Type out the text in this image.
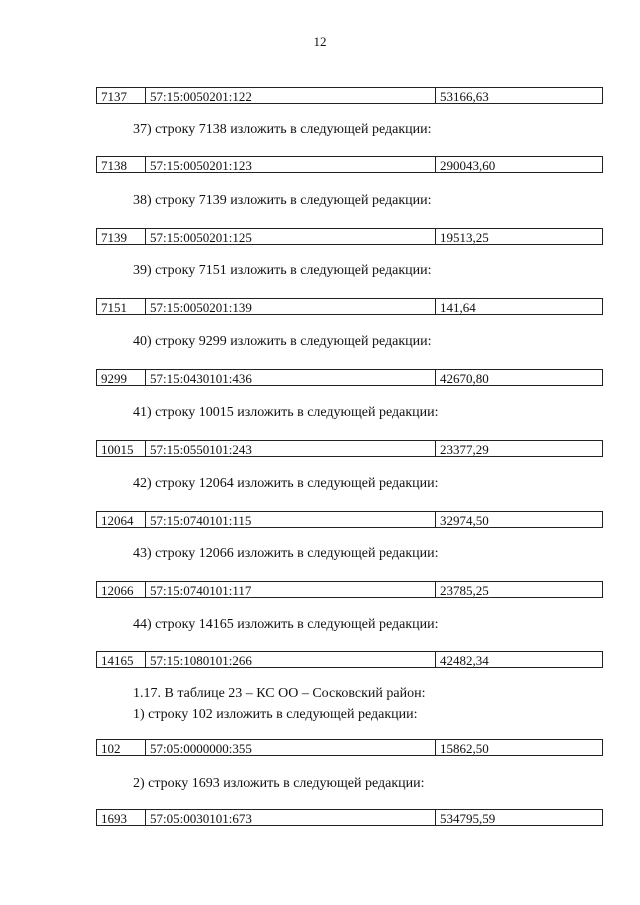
12
7137	57:15:0050201:122	53166,63
37) строку 7138 изложить в следующей редакции:
7138	57:15:0050201:123	290043,60
38) строку 7139 изложить в следующей редакции:
7139	57:15:0050201:125	19513,25
39) строку 7151 изложить в следующей редакции:
7151	57:15:0050201:139	141,64
40) строку 9299 изложить в следующей редакции:
9299	57:15:0430101:436	42670,80
41) строку 10015 изложить в следующей редакции:
10015	57:15:0550101:243	23377,29
42) строку 12064 изложить в следующей редакции:
12064	57:15:0740101:115	32974,50
43) строку 12066 изложить в следующей редакции:
12066	57:15:0740101:117	23785,25
44) строку 14165 изложить в следующей редакции:
14165	57:15:1080101:266	42482,34
1.17. В таблице 23 – КС ОО – Сосковский район:
1) строку 102 изложить в следующей редакции:
102	57:05:0000000:355	15862,50
2) строку 1693 изложить в следующей редакции:
1693	57:05:0030101:673	534795,59
